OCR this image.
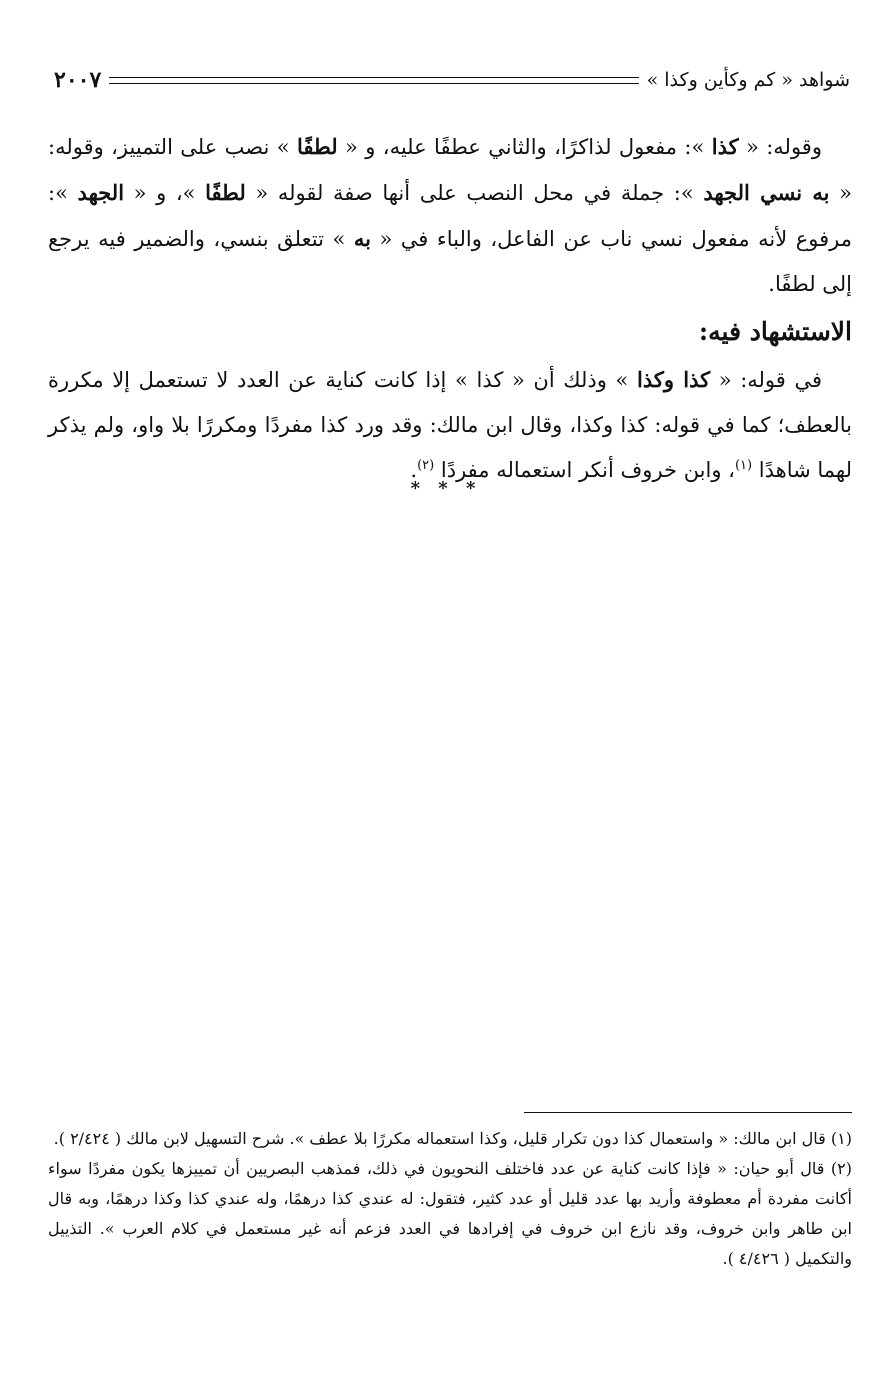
شواهد « كم وكأين وكذا »
٢٠٠٧

وقوله: « كذا »: مفعول لذاكرًا، والثاني عطفًا عليه، و « لطفًا » نصب على التمييز، وقوله: « به نسي الجهد »: جملة في محل النصب على أنها صفة لقوله « لطفًا »، و « الجهد »: مرفوع لأنه مفعول نسي ناب عن الفاعل، والباء في « به » تتعلق بنسي، والضمير فيه يرجع إلى لطفًا.

الاستشهاد فيه:

في قوله: « كذا وكذا » وذلك أن « كذا » إذا كانت كناية عن العدد لا تستعمل إلا مكررة بالعطف؛ كما في قوله: كذا وكذا، وقال ابن مالك: وقد ورد كذا مفردًا ومكررًا بلا واو، ولم يذكر لهما شاهدًا $^{(١)}$، وابن خروف أنكر استعماله مفردًا $^{(٢)}$.

* * *

(١) قال ابن مالك: « واستعمال كذا دون تكرار قليل، وكذا استعماله مكررًا بلا عطف ». شرح التسهيل لابن مالك ( ٢/٤٢٤ ).

(٢) قال أبو حيان: « فإذا كانت كناية عن عدد فاختلف النحويون في ذلك، فمذهب البصريين أن تمييزها يكون مفردًا سواء أكانت مفردة أم معطوفة وأريد بها عدد قليل أو عدد كثير، فتقول: له عندي كذا درهمًا، وله عندي كذا وكذا درهمًا، وبه قال ابن طاهر وابن خروف، وقد نازع ابن خروف في إفرادها في العدد فزعم أنه غير مستعمل في كلام العرب ». التذييل والتكميل ( ٤/٤٢٦ ).
